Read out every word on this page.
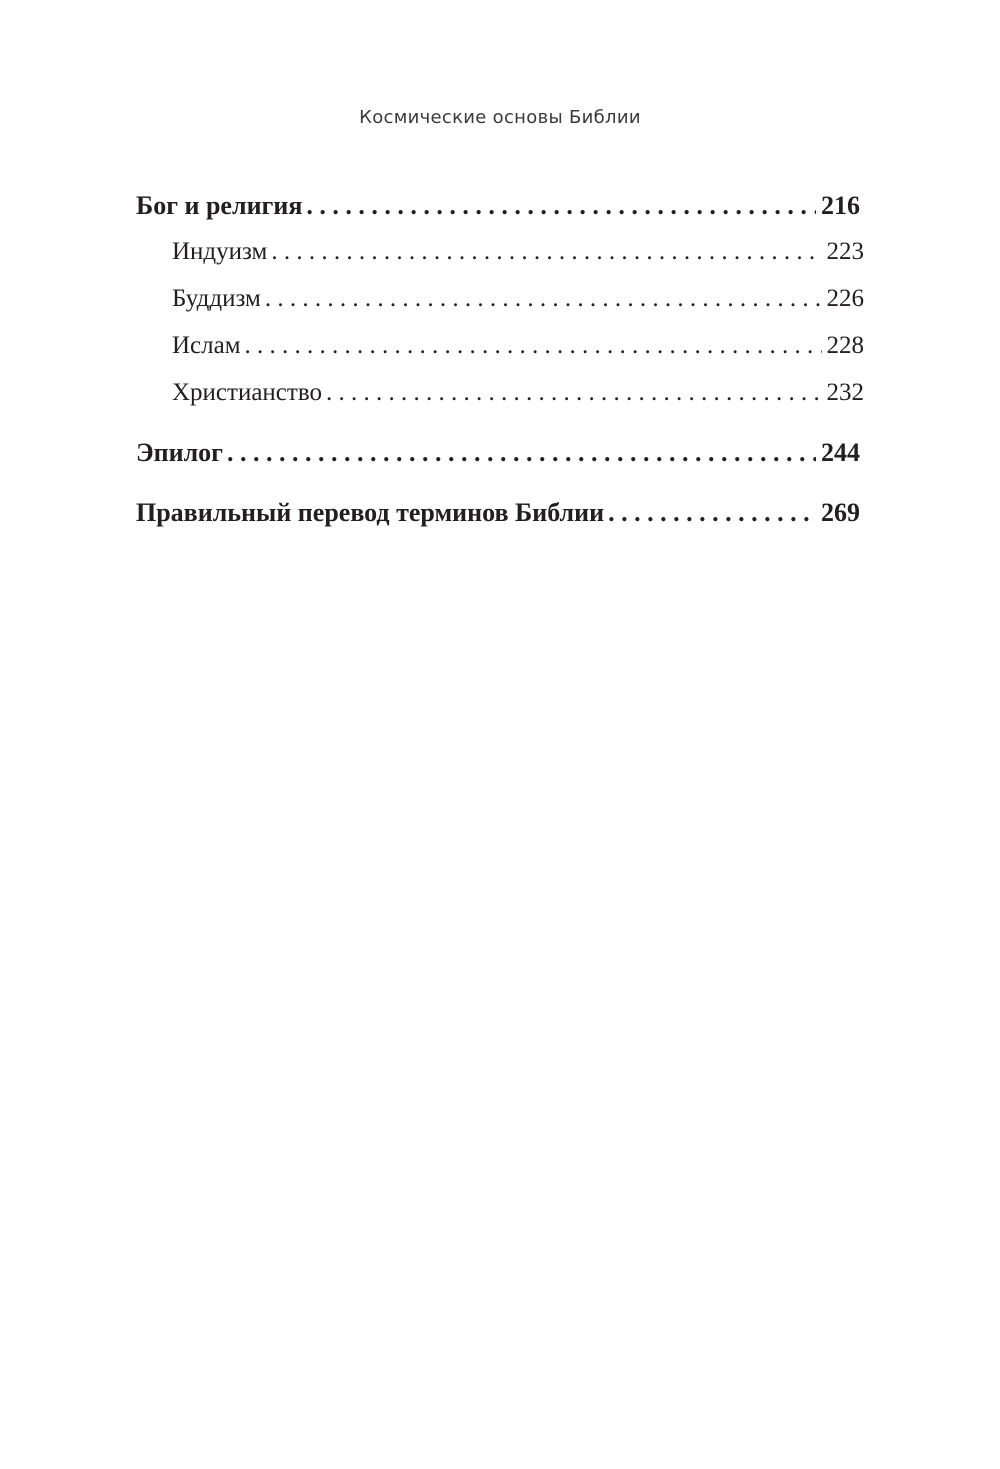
Космические основы Библии
Бог и религия . . .	216
Индуизм . . .	223
Буддизм . . .	226
Ислам . . .	228
Христианство . . .	232
Эпилог . . .	244
Правильный перевод терминов Библии . . .	269
